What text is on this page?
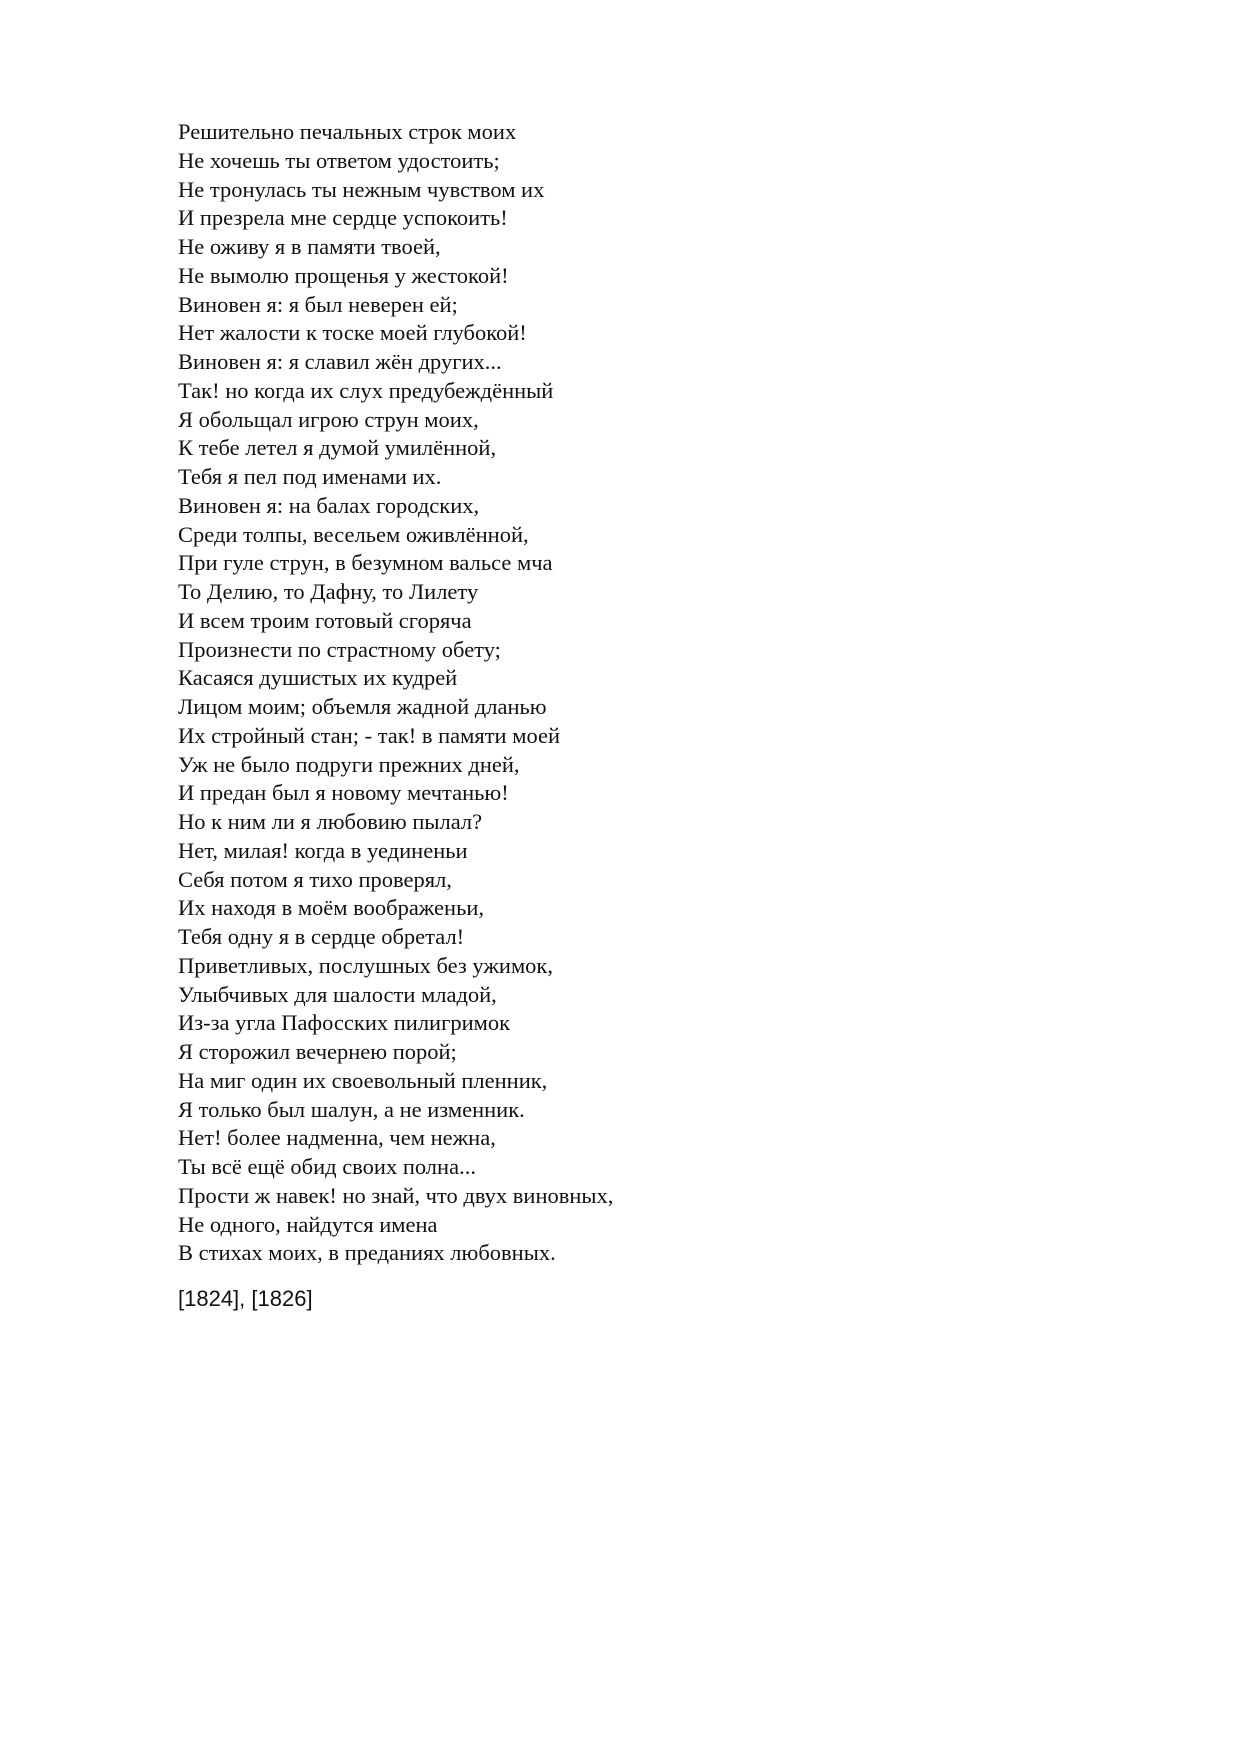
Решительно печальных строк моих
Не хочешь ты ответом удостоить;
Не тронулась ты нежным чувством их
И презрела мне сердце успокоить!
Не оживу я в памяти твоей,
Не вымолю прощенья у жестокой!
Виновен я: я был неверен ей;
Нет жалости к тоске моей глубокой!
Виновен я: я славил жён других...
Так! но когда их слух предубеждённый
Я обольщал игрою струн моих,
К тебе летел я думой умилённой,
Тебя я пел под именами их.
Виновен я: на балах городских,
Среди толпы, весельем оживлённой,
При гуле струн, в безумном вальсе мча
То Делию, то Дафну, то Лилету
И всем троим готовый сгоряча
Произнести по страстному обету;
Касаяся душистых их кудрей
Лицом моим; объемля жадной дланью
Их стройный стан; - так! в памяти моей
Уж не было подруги прежних дней,
И предан был я новому мечтанью!
Но к ним ли я любовию пылал?
Нет, милая! когда в уединеньи
Себя потом я тихо проверял,
Их находя в моём воображеньи,
Тебя одну я в сердце обретал!
Приветливых, послушных без ужимок,
Улыбчивых для шалости младой,
Из-за угла Пафосских пилигримок
Я сторожил вечернею порой;
На миг один их своевольный пленник,
Я только был шалун, а не изменник.
Нет! более надменна, чем нежна,
Ты всё ещё обид своих полна...
Прости ж навек! но знай, что двух виновных,
Не одного, найдутся имена
В стихах моих, в преданиях любовных.

[1824], [1826]
